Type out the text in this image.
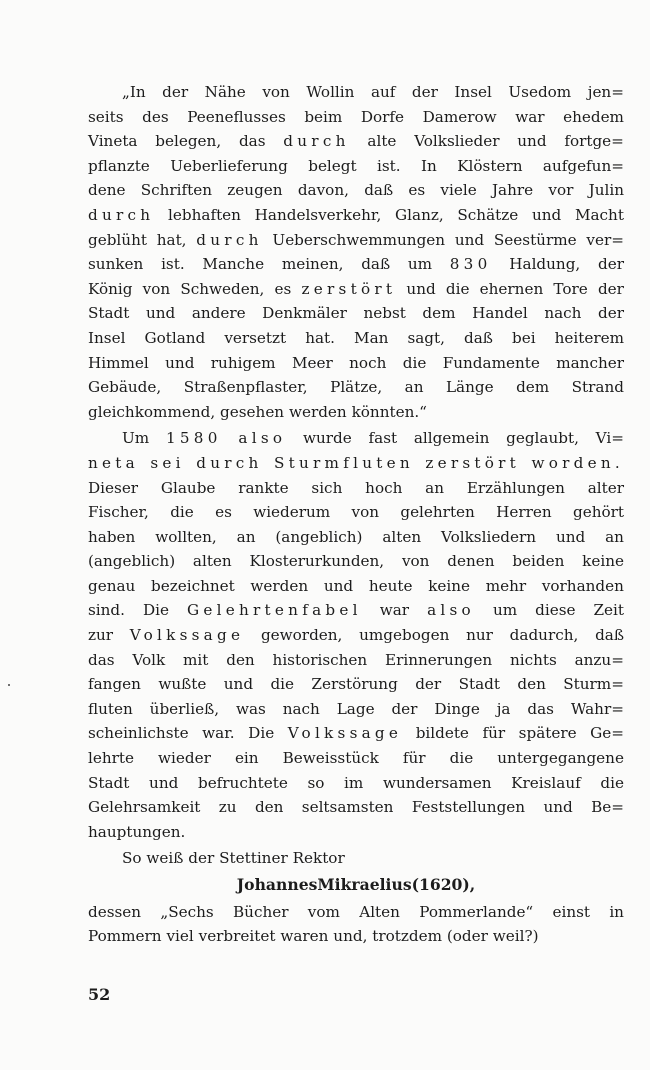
„In der Nähe von Wollin auf der Insel Usedom jen=
seits des Peeneflusses beim Dorfe Damerow war ehedem
Vineta belegen, das durch alte Volkslieder und fortge=
pflanzte Ueberlieferung belegt ist. In Klöstern aufgefun=
dene Schriften zeugen davon, daß es viele Jahre vor Julin
durch lebhaften Handelsverkehr, Glanz, Schätze und Macht
geblüht hat, durch Ueberschwemmungen und Seestürme ver=
sunken ist. Manche meinen, daß um 830 Haldung, der
König von Schweden, es zerstört und die ehernen Tore der
Stadt und andere Denkmäler nebst dem Handel nach der
Insel Gotland versetzt hat. Man sagt, daß bei heiterem
Himmel und ruhigem Meer noch die Fundamente mancher
Gebäude, Straßenpflaster, Plätze, an Länge dem Strand
gleichkommend, gesehen werden könnten.“
Um 1580 also wurde fast allgemein geglaubt, Vi=
neta sei durch Sturmfluten zerstört worden.
Dieser Glaube rankte sich hoch an Erzählungen alter
Fischer, die es wiederum von gelehrten Herren gehört
haben wollten, an (angeblich) alten Volksliedern und an
(angeblich) alten Klosterurkunden, von denen beiden keine
genau bezeichnet werden und heute keine mehr vorhanden
sind. Die Gelehrtenfabel war also um diese Zeit
zur Volkssage geworden, umgebogen nur dadurch, daß
das Volk mit den historischen Erinnerungen nichts anzu=
fangen wußte und die Zerstörung der Stadt den Sturm=
fluten überließ, was nach Lage der Dinge ja das Wahr=
scheinlichste war. Die Volkssage bildete für spätere Ge=
lehrte wieder ein Beweisstück für die untergegangene
Stadt und befruchtete so im wundersamen Kreislauf die
Gelehrsamkeit zu den seltsamsten Feststellungen und Be=
hauptungen.
So weiß der Stettiner Rektor
Johannes Mikraelius (1620),
dessen „Sechs Bücher vom Alten Pommerlande“ einst in
Pommern viel verbreitet waren und, trotzdem (oder weil?)
52
